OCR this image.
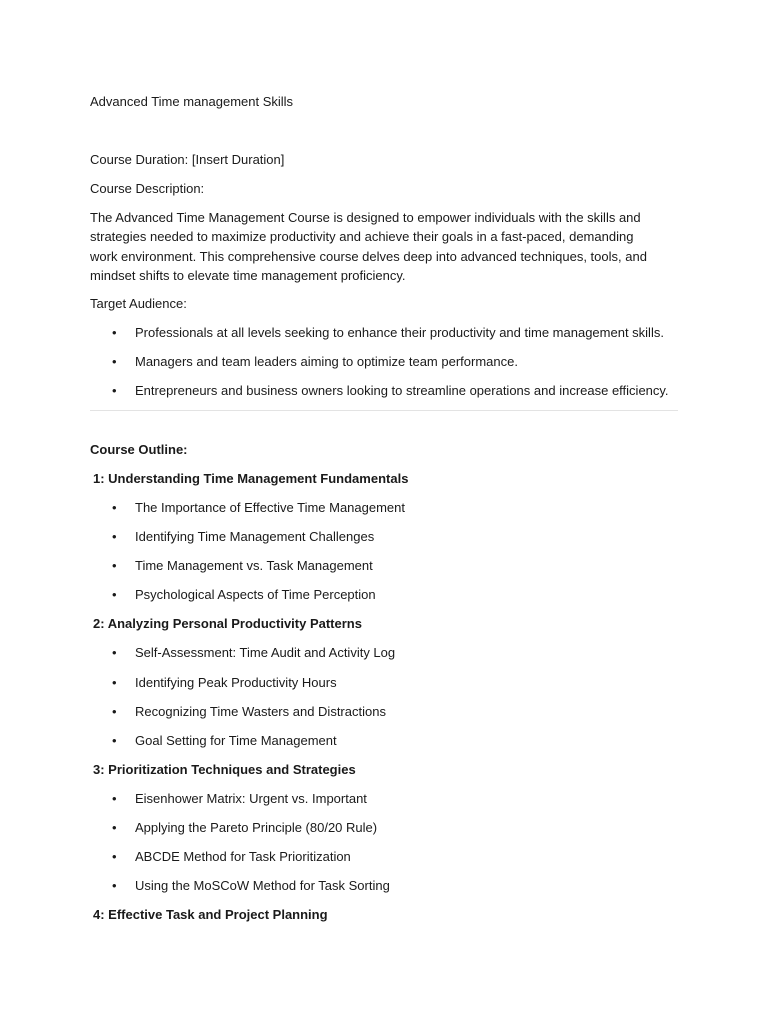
Advanced Time management Skills
Course Duration: [Insert Duration]
Course Description:
The Advanced Time Management Course is designed to empower individuals with the skills and strategies needed to maximize productivity and achieve their goals in a fast-paced, demanding work environment. This comprehensive course delves deep into advanced techniques, tools, and mindset shifts to elevate time management proficiency.
Target Audience:
• Professionals at all levels seeking to enhance their productivity and time management skills.
• Managers and team leaders aiming to optimize team performance.
• Entrepreneurs and business owners looking to streamline operations and increase efficiency.
Course Outline:
1: Understanding Time Management Fundamentals
• The Importance of Effective Time Management
• Identifying Time Management Challenges
• Time Management vs. Task Management
• Psychological Aspects of Time Perception
2: Analyzing Personal Productivity Patterns
• Self-Assessment: Time Audit and Activity Log
• Identifying Peak Productivity Hours
• Recognizing Time Wasters and Distractions
• Goal Setting for Time Management
3: Prioritization Techniques and Strategies
• Eisenhower Matrix: Urgent vs. Important
• Applying the Pareto Principle (80/20 Rule)
• ABCDE Method for Task Prioritization
• Using the MoSCoW Method for Task Sorting
4: Effective Task and Project Planning
